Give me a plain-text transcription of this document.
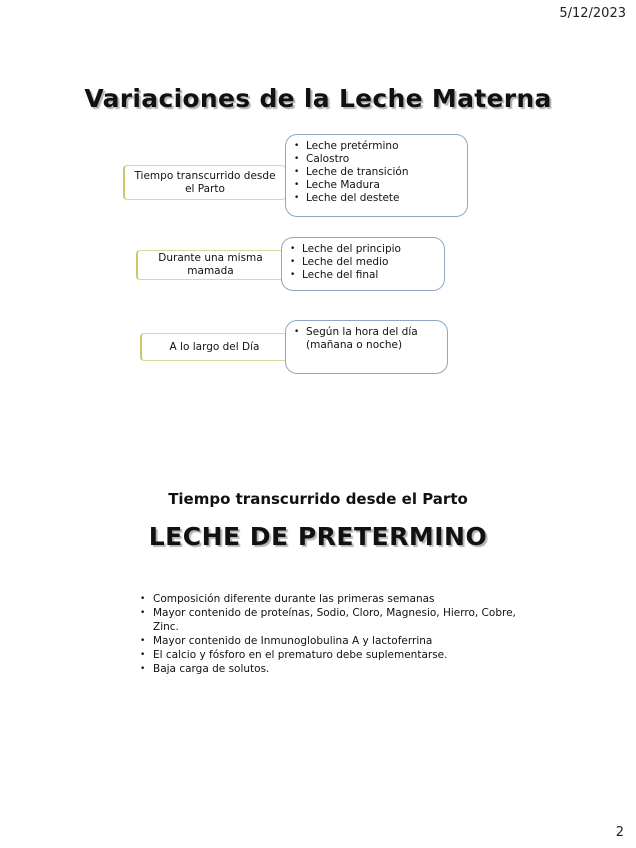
5/12/2023
Variaciones de la Leche Materna
Tiempo transcurrido desde el Parto
• Leche pretérmino
• Calostro
• Leche de transición
• Leche Madura
• Leche del destete
Durante una misma mamada
• Leche del principio
• Leche del medio
• Leche del final
A lo largo del Día
• Según la hora del día (mañana o noche)
Tiempo transcurrido desde el Parto
LECHE DE PRETERMINO
• Composición diferente durante las primeras semanas
• Mayor contenido de proteínas, Sodio, Cloro, Magnesio, Hierro, Cobre, Zinc.
• Mayor contenido de Inmunoglobulina A y lactoferrina
• El calcio y fósforo en el prematuro debe suplementarse.
• Baja carga de solutos.
2
